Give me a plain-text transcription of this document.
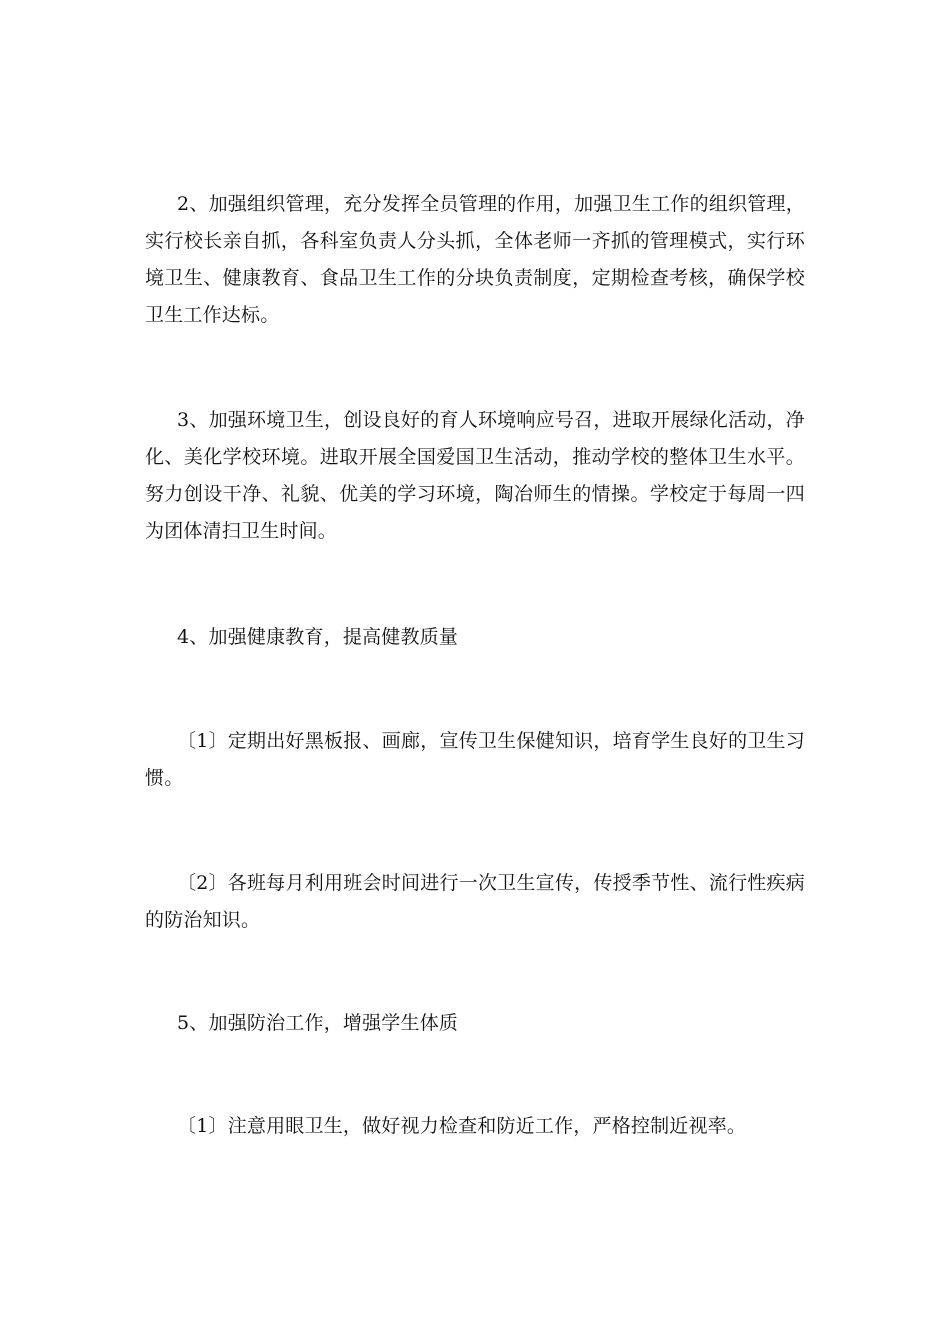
2、加强组织管理，充分发挥全员管理的作用，加强卫生工作的组织管理，实行校长亲自抓，各科室负责人分头抓，全体老师一齐抓的管理模式，实行环境卫生、健康教育、食品卫生工作的分块负责制度，定期检查考核，确保学校卫生工作达标。

3、加强环境卫生，创设良好的育人环境响应号召，进取开展绿化活动，净化、美化学校环境。进取开展全国爱国卫生活动，推动学校的整体卫生水平。努力创设干净、礼貌、优美的学习环境，陶冶师生的情操。学校定于每周一四为团体清扫卫生时间。

4、加强健康教育，提高健教质量

〔1〕定期出好黑板报、画廊，宣传卫生保健知识，培育学生良好的卫生习惯。

〔2〕各班每月利用班会时间进行一次卫生宣传，传授季节性、流行性疾病的防治知识。

5、加强防治工作，增强学生体质

〔1〕注意用眼卫生，做好视力检查和防近工作，严格控制近视率。
